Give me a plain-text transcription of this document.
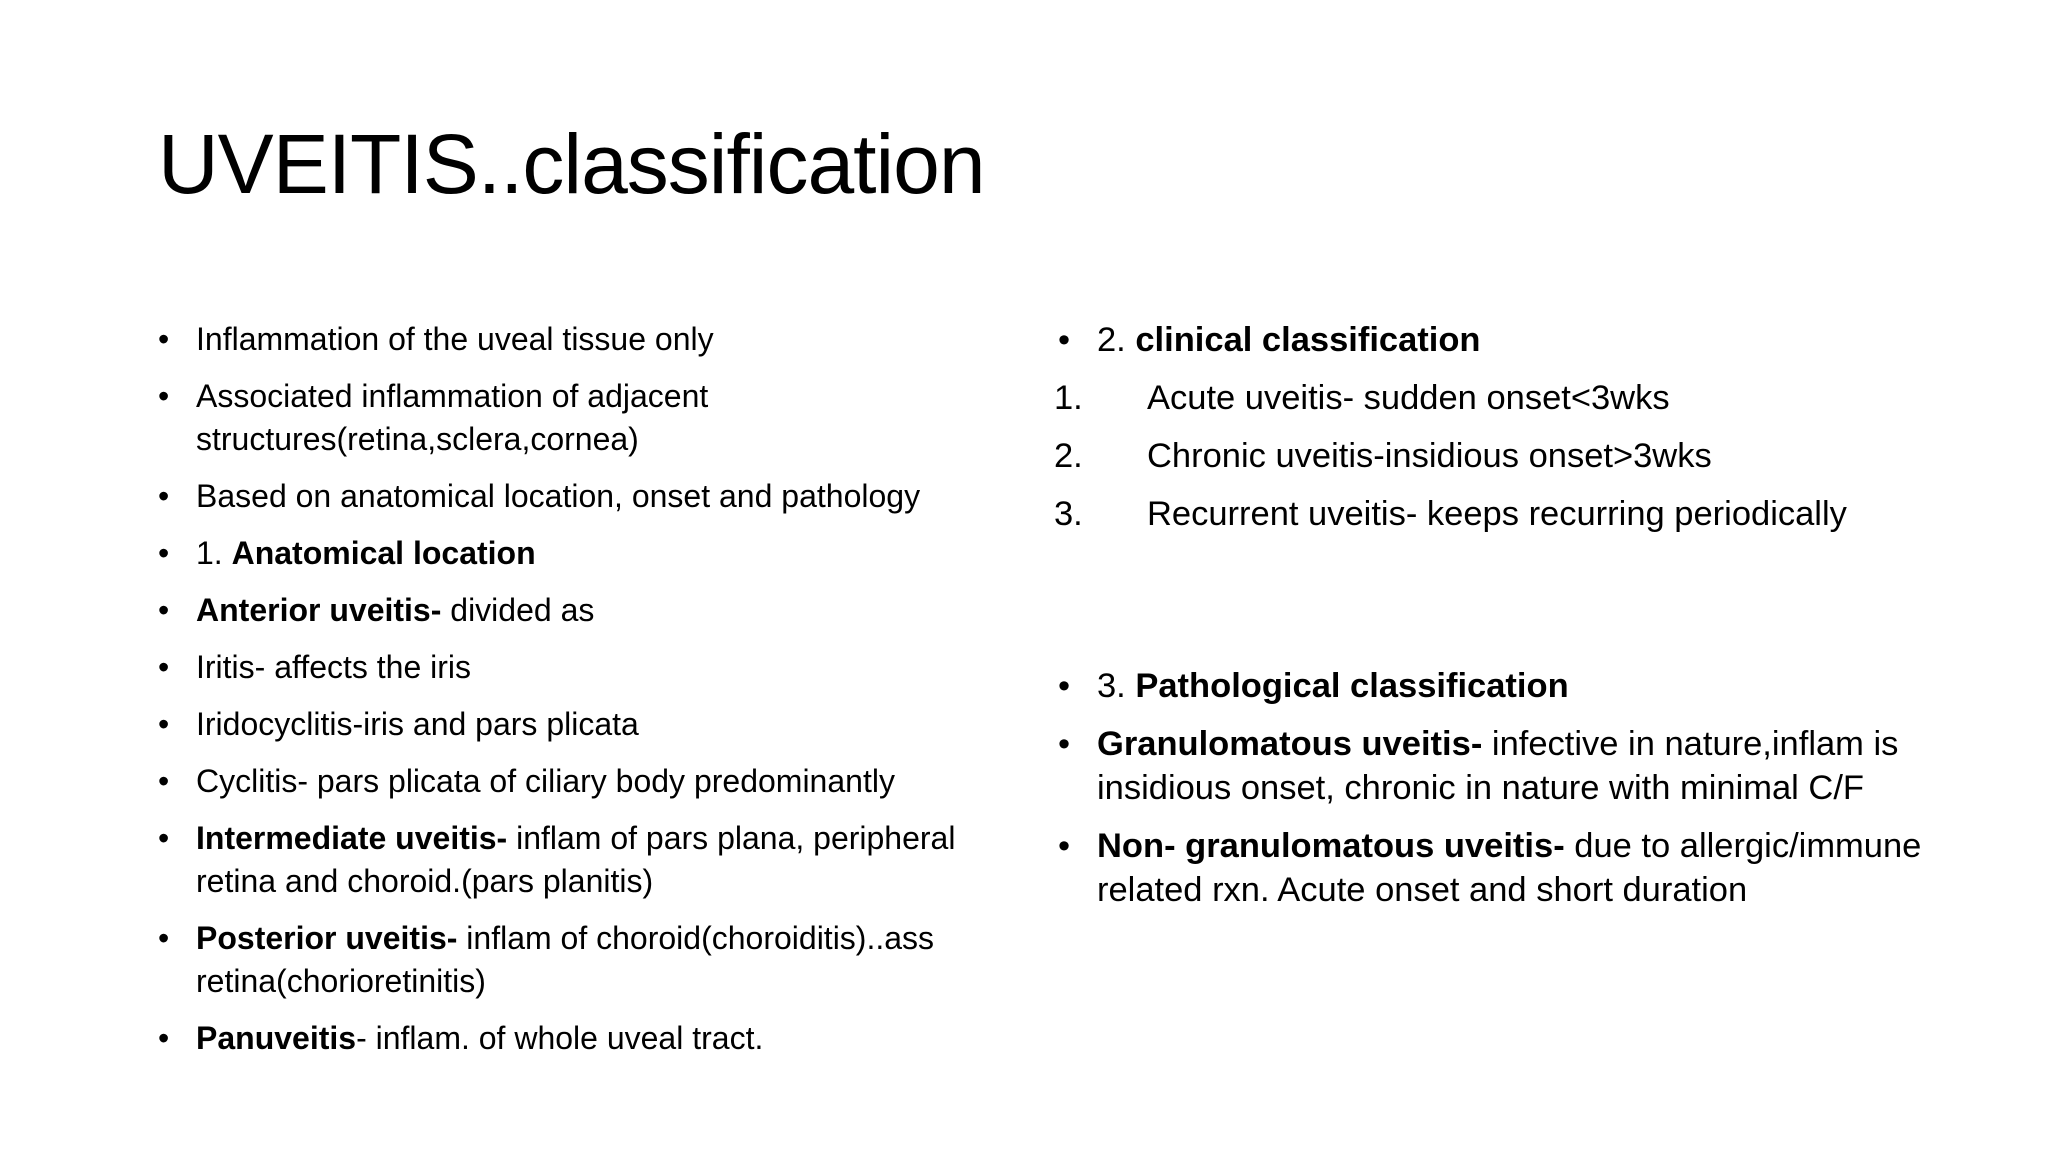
UVEITIS..classification
• Inflammation of the uveal tissue only
• Associated inflammation of adjacent structures(retina,sclera,cornea)
• Based on anatomical location, onset and pathology
• 1. Anatomical location
• Anterior uveitis- divided as
• Iritis- affects the iris
• Iridocyclitis-iris and pars plicata
• Cyclitis- pars plicata of ciliary body predominantly
• Intermediate uveitis- inflam of pars plana, peripheral retina and choroid.(pars planitis)
• Posterior uveitis- inflam of choroid(choroiditis)..ass retina(chorioretinitis)
• Panuveitis- inflam. of whole uveal tract.
• 2. clinical classification
1. Acute uveitis- sudden onset<3wks
2. Chronic uveitis-insidious onset>3wks
3. Recurrent uveitis- keeps recurring periodically
• 3. Pathological classification
• Granulomatous uveitis- infective in nature,inflam is insidious onset, chronic in nature with minimal C/F
• Non- granulomatous uveitis- due to allergic/immune related rxn. Acute onset and short duration
